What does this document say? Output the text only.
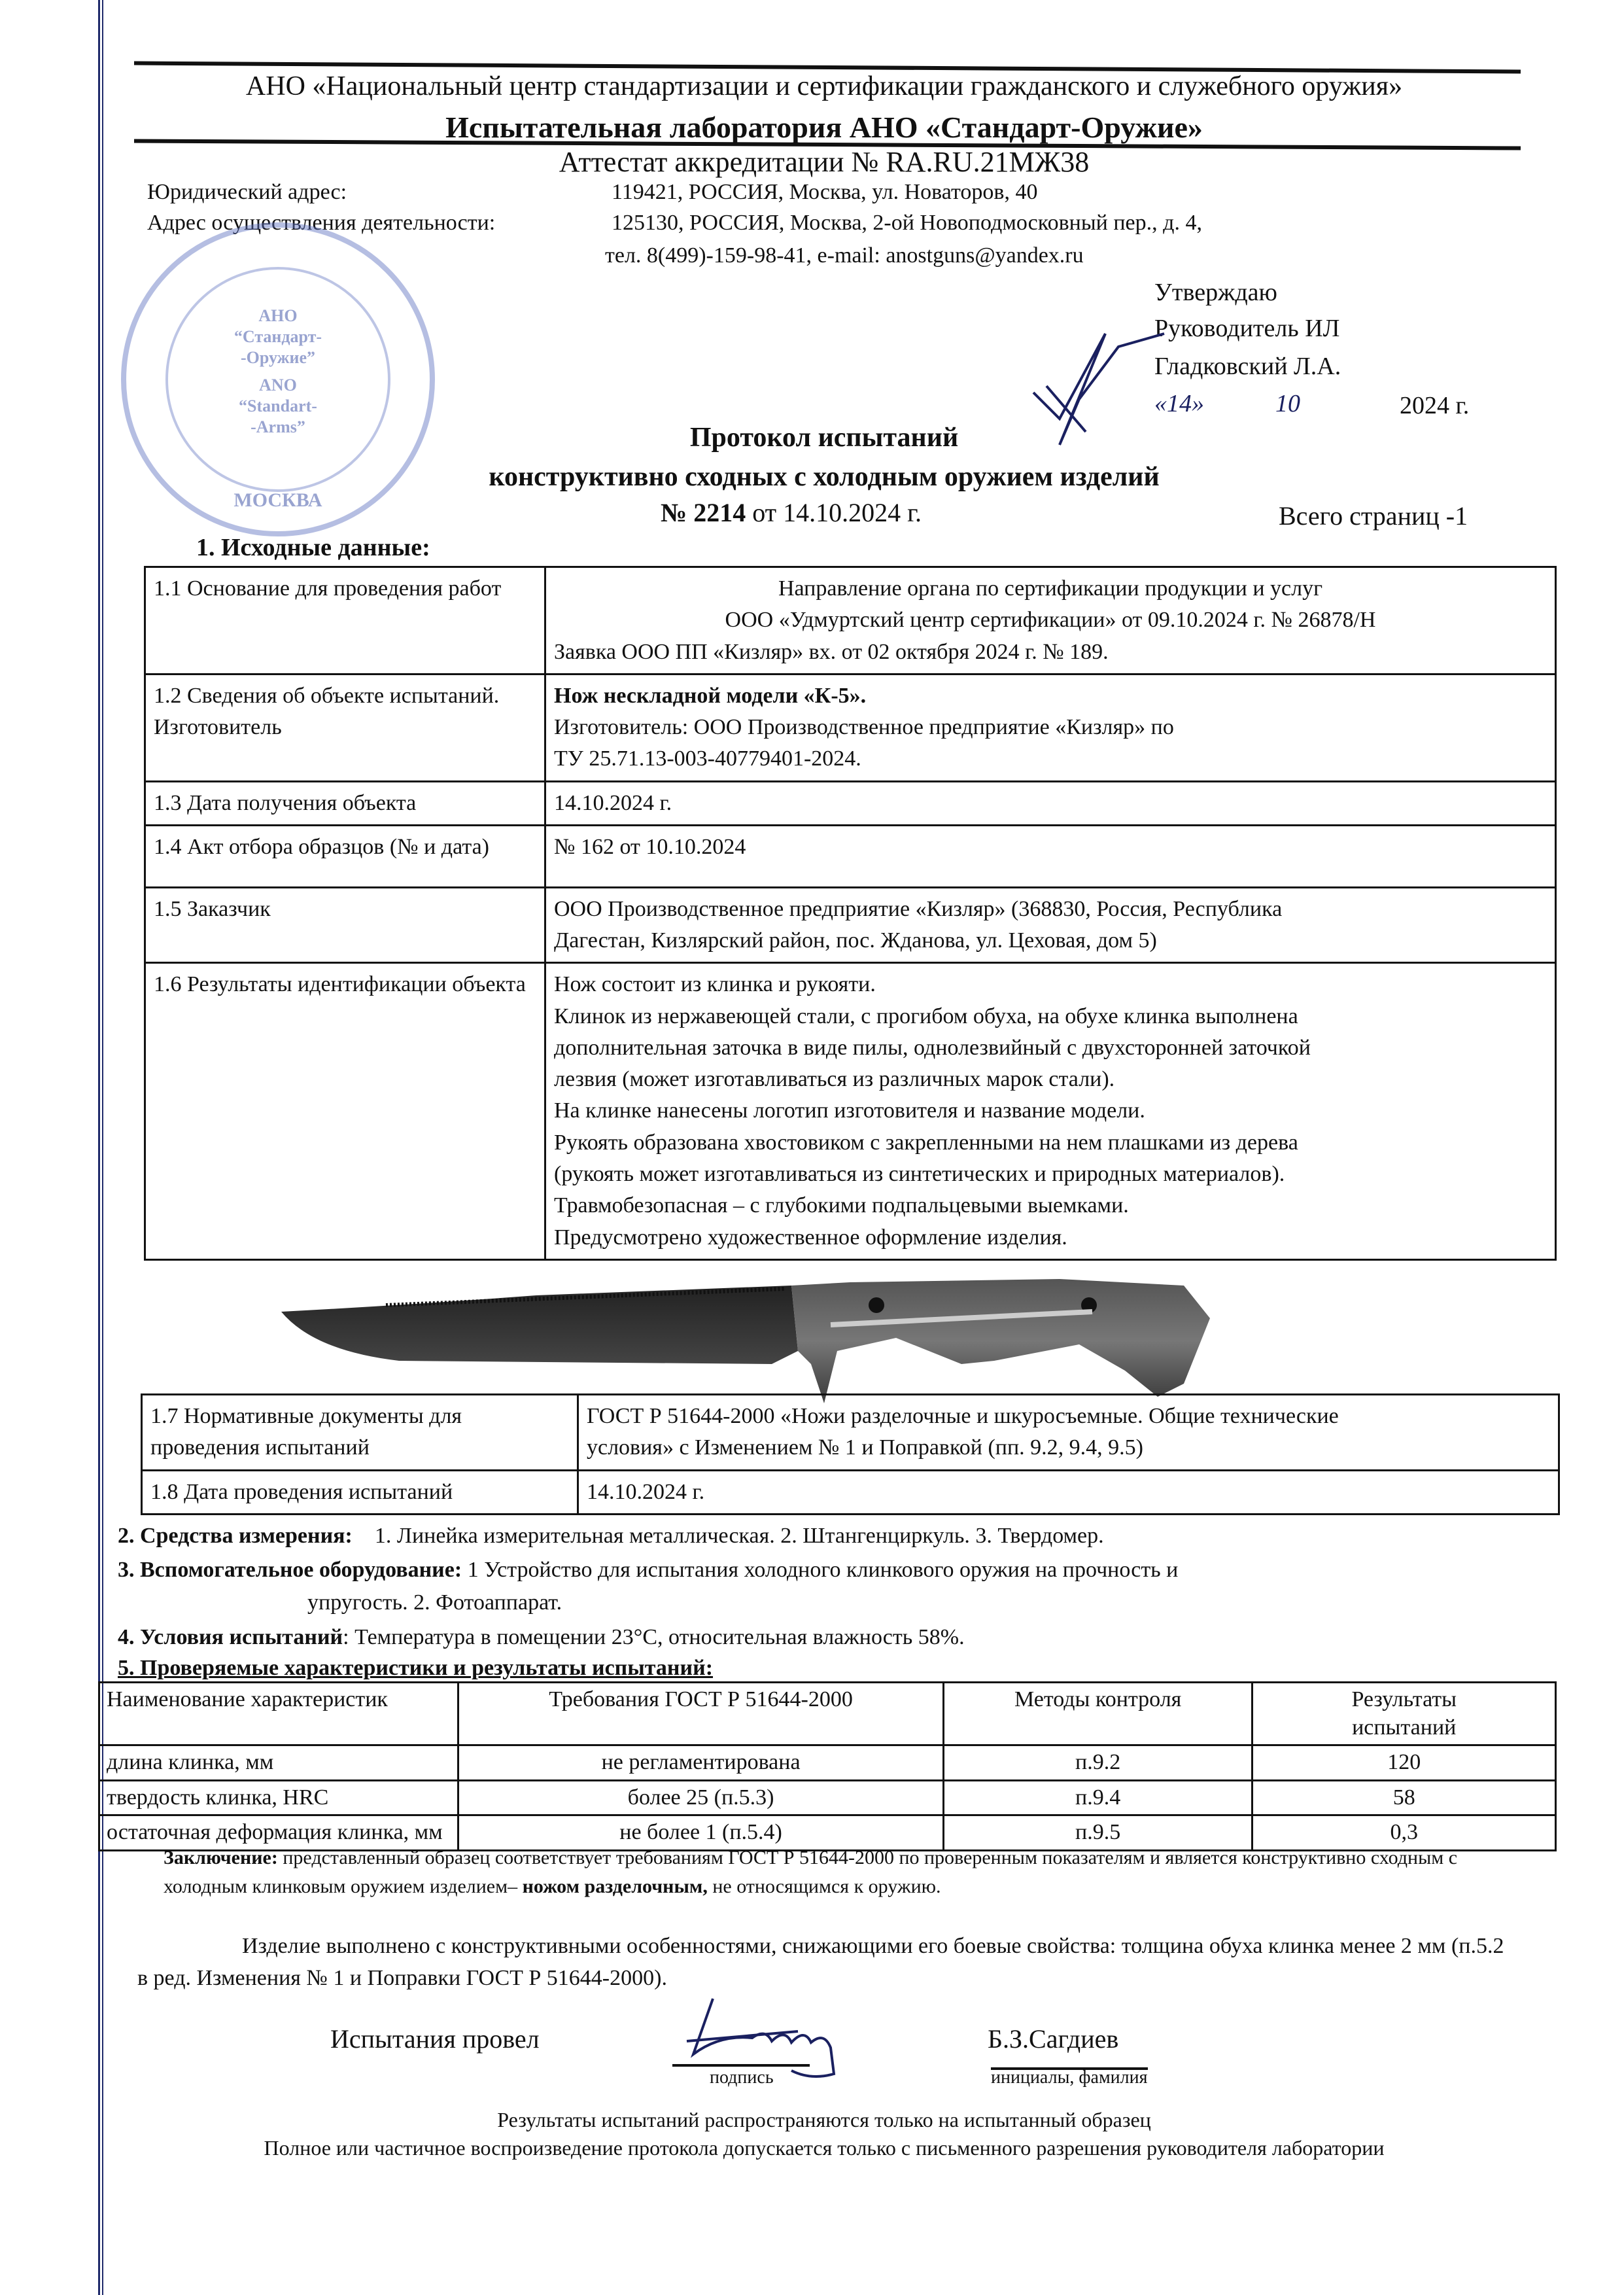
АНО «Национальный центр стандартизации и сертификации гражданского и служебного оружия»
Испытательная лаборатория АНО «Стандарт-Оружие»
Аттестат аккредитации № RA.RU.21МЖ38
Юридический адрес:	119421, РОССИЯ, Москва, ул. Новаторов, 40
Адрес осуществления деятельности:	125130, РОССИЯ, Москва, 2-ой Новоподмосковный пер., д. 4,
тел. 8(499)-159-98-41, e-mail: anostguns@yandex.ru
АНО
“Стандарт-
-Оружие”
ANO
“Standart-
-Arms”
МОСКВА
Утверждаю
Руководитель ИЛ
Гладковский Л.А.
«14»	10	2024 г.
Протокол испытаний
конструктивно сходных с холодным оружием изделий
№ 2214 от 14.10.2024 г.	Всего страниц -1
1. Исходные данные:
1.1 Основание для проведения работ	Направление органа по сертификации продукции и услуг
ООО «Удмуртский центр сертификации» от 09.10.2024 г. № 26878/Н
Заявка ООО ПП «Кизляр» вх. от 02 октября 2024 г. № 189.

1.2 Сведения об объекте испытаний. Изготовитель	Нож нескладной модели «К-5».
Изготовитель: ООО Производственное предприятие «Кизляр» по
ТУ 25.71.13-003-40779401-2024.

1.3 Дата получения объекта	14.10.2024 г.
1.4 Акт отбора образцов (№ и дата)	№ 162 от 10.10.2024
1.5 Заказчик	ООО Производственное предприятие «Кизляр» (368830, Россия, Республика
Дагестан, Кизлярский район, пос. Жданова, ул. Цеховая, дом 5)

1.6 Результаты идентификации объекта	Нож состоит из клинка и рукояти.
Клинок из нержавеющей стали, с прогибом обуха, на обухе клинка выполнена
дополнительная заточка в виде пилы, однолезвийный с двухсторонней заточкой
лезвия (может изготавливаться из различных марок стали).
На клинке нанесены логотип изготовителя и название модели.
Рукоять образована хвостовиком с закрепленными на нем плашками из дерева
(рукоять может изготавливаться из синтетических и природных материалов).
Травмобезопасная – с глубокими подпальцевыми выемками.
Предусмотрено художественное оформление изделия.
1.7 Нормативные документы для проведения испытаний	ГОСТ Р 51644-2000 «Ножи разделочные и шкуросъемные. Общие технические
условия» с Изменением № 1 и Поправкой (пп. 9.2, 9.4, 9.5)

1.8 Дата проведения испытаний	14.10.2024 г.
2. Средства измерения: 1. Линейка измерительная металлическая. 2. Штангенциркуль. 3. Твердомер.
3. Вспомогательное оборудование: 1 Устройство для испытания холодного клинкового оружия на прочность и
упругость. 2. Фотоаппарат.
4. Условия испытаний: Температура в помещении 23°С, относительная влажность 58%.
5. Проверяемые характеристики и результаты испытаний:
Наименование характеристик	Требования ГОСТ Р 51644-2000	Методы контроля	Результаты испытаний
длина клинка, мм	не регламентирована	п.9.2	120
твердость клинка, HRC	более 25 (п.5.3)	п.9.4	58
остаточная деформация клинка, мм	не более 1 (п.5.4)	п.9.5	0,3
Заключение: представленный образец соответствует требованиям ГОСТ Р 51644-2000 по проверенным показателям и является конструктивно сходным с холодным клинковым оружием изделием– ножом разделочным, не относящимся к оружию.
Изделие выполнено с конструктивными особенностями, снижающими его боевые свойства: толщина обуха клинка менее 2 мм (п.5.2 в ред. Изменения № 1 и Поправки ГОСТ Р 51644-2000).
Испытания провел
подпись
Б.З.Сагдиев
инициалы, фамилия
Результаты испытаний распространяются только на испытанный образец
Полное или частичное воспроизведение протокола допускается только с письменного разрешения руководителя лаборатории
